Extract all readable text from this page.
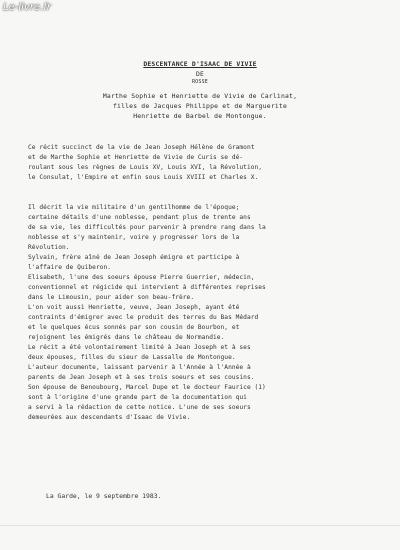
Le-livre.fr
DESCENTANCE D'ISAAC DE VIVIE
DE
ROSSE
Marthe Sophie et Henriette de Vivie de Carlinat,
filles de Jacques Philippe et de Marguerite
Henriette de Barbel de Montongue.
Ce récit succinct de la vie de Jean Joseph Hélène de Gramont
et de Marthe Sophie et Henriette de Vivie de Curis se dé-
roulant sous les règnes de Louis XV, Louis XVI, la Révolution,
le Consulat, l'Empire et enfin sous Louis XVIII et Charles X.
Il décrit la vie militaire d'un gentilhomme de l'époque;
certaine détails d'une noblesse, pendant plus de trente ans
de sa vie, les difficultés pour parvenir à prendre rang dans la
noblesse et s'y maintenir, voire y progresser lors de la
Révolution.
Sylvain, frère aîné de Jean Joseph émigre et participe à
l'affaire de Quiberon.
Elisabeth, l'une des soeurs épouse Pierre Guerrier, médecin,
conventionnel et régicide qui intervient à différentes reprises
dans le Limousin, pour aider son beau-frère.
L'on voit aussi Henriette, veuve, Jean Joseph, ayant été
contraints d'émigrer avec le produit des terres du Bas Médard
et le quelques écus sonnés par son cousin de Bourbon, et
rejoignent les émigrés dans le château de Normandie.
Le récit a été volontairement limité à Jean Joseph et à ses
deux épouses, filles du sieur de Lassalle de Montongue.
L'auteur documente, laissant parvenir à l'Année à l'Année à
parents de Jean Joseph et à ses trois soeurs et ses cousins.
Son épouse de Benoubourg, Marcel Dupe et le docteur Faurice (1)
sont à l'origine d'une grande part de la documentation qui
a servi à la rédaction de cette notice. L'une de ses soeurs
demeurées aux descendants d'Isaac de Vivie.
La Garde, le 9 septembre 1983.
